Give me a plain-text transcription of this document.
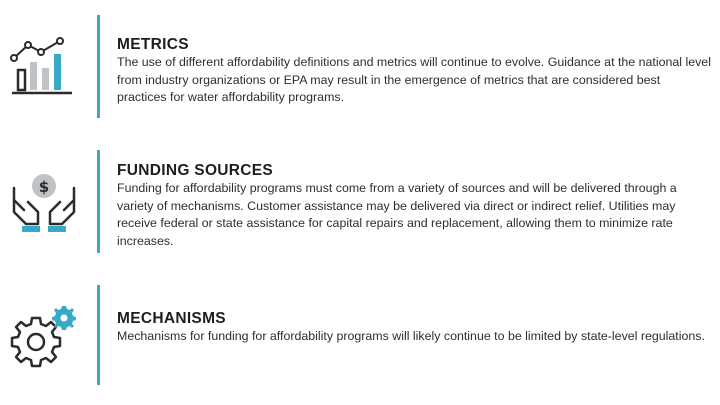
METRICS

The use of different affordability definitions and metrics will continue to evolve. Guidance at the national level from industry organizations or EPA may result in the emergence of metrics that are considered best practices for water affordability programs.

$

FUNDING SOURCES

Funding for affordability programs must come from a variety of sources and will be delivered through a variety of mechanisms. Customer assistance may be delivered via direct or indirect relief. Utilities may receive federal or state assistance for capital repairs and replacement, allowing them to minimize rate increases.

MECHANISMS

Mechanisms for funding for affordability programs will likely continue to be limited by state-level regulations.
